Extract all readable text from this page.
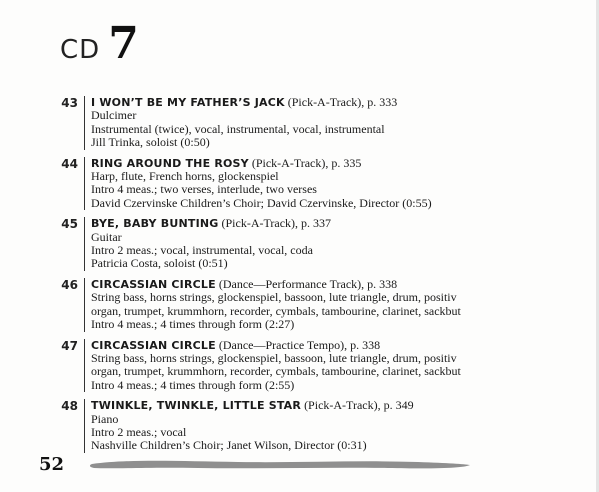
CD 7
43	I WON’T BE MY FATHER’S JACK (Pick-A-Track), p. 333
Dulcimer
Instrumental (twice), vocal, instrumental, vocal, instrumental
Jill Trinka, soloist (0:50)
44	RING AROUND THE ROSY (Pick-A-Track), p. 335
Harp, flute, French horns, glockenspiel
Intro 4 meas.; two verses, interlude, two verses
David Czervinske Children’s Choir; David Czervinske, Director (0:55)
45	BYE, BABY BUNTING (Pick-A-Track), p. 337
Guitar
Intro 2 meas.; vocal, instrumental, vocal, coda
Patricia Costa, soloist (0:51)
46	CIRCASSIAN CIRCLE (Dance—Performance Track), p. 338
String bass, horns strings, glockenspiel, bassoon, lute triangle, drum, positiv
organ, trumpet, krummhorn, recorder, cymbals, tambourine, clarinet, sackbut
Intro 4 meas.; 4 times through form (2:27)
47	CIRCASSIAN CIRCLE (Dance—Practice Tempo), p. 338
String bass, horns strings, glockenspiel, bassoon, lute triangle, drum, positiv
organ, trumpet, krummhorn, recorder, cymbals, tambourine, clarinet, sackbut
Intro 4 meas.; 4 times through form (2:55)
48	TWINKLE, TWINKLE, LITTLE STAR (Pick-A-Track), p. 349
Piano
Intro 2 meas.; vocal
Nashville Children’s Choir; Janet Wilson, Director (0:31)
52
